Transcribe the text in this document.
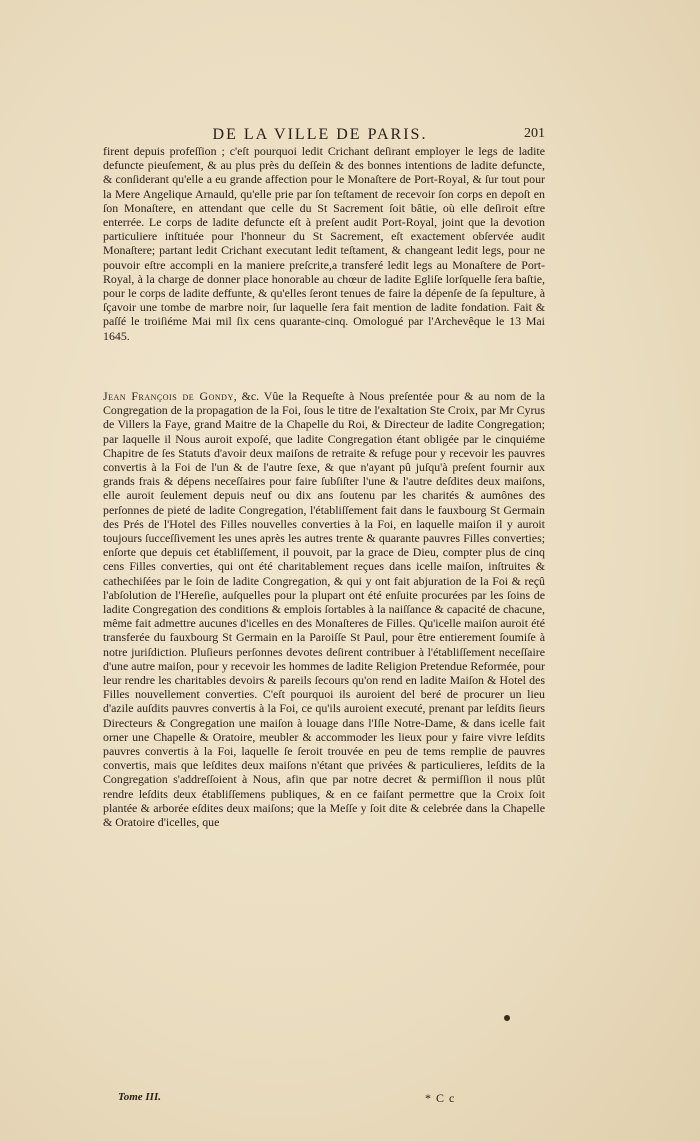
DE LA VILLE DE PARIS.	201
firent depuis profeſſion ; c'eſt pourquoi ledit Crichant deſirant employer le legs de ladite defuncte pieuſement, & au plus près du deſſein & des bonnes intentions de ladite defuncte, & conſiderant qu'elle a eu grande affection pour le Monaſtere de Port-Royal, & ſur tout pour la Mere Angelique Arnauld, qu'elle prie par ſon teſtament de recevoir ſon corps en depoſt en ſon Monaſtere, en attendant que celle du St Sacrement ſoit bâtie, où elle deſiroit eſtre enterrée. Le corps de ladite defuncte eſt à preſent audit Port-Royal, joint que la devotion particuliere inſtituée pour l'honneur du St Sacrement, eſt exactement obſervée audit Monaſtere; partant ledit Crichant executant ledit teſtament, & changeant ledit legs, pour ne pouvoir eſtre accompli en la maniere preſcrite,a transferé ledit legs au Monaſtere de Port-Royal, à la charge de donner place honorable au chœur de ladite Egliſe lorſquelle ſera baſtie, pour le corps de ladite deffunte, & qu'elles ſeront tenues de faire la dépenſe de ſa ſepulture, à ſçavoir une tombe de marbre noir, ſur laquelle ſera fait mention de ladite fondation. Fait & paſſé le troiſiéme Mai mil ſix cens quarante-cinq. Omologué par l'Archevêque le 13 Mai 1645.
Jean François de Gondy, &c. Vûe la Requeſte à Nous preſentée pour & au nom de la Congregation de la propagation de la Foi, ſous le titre de l'exaltation Ste Croix, par Mr Cyrus de Villers la Faye, grand Maitre de la Chapelle du Roi, & Directeur de ladite Congregation; par laquelle il Nous auroit expoſé, que ladite Congregation étant obligée par le cinquiéme Chapitre de ſes Statuts d'avoir deux maiſons de retraite & refuge pour y recevoir les pauvres convertis à la Foi de l'un & de l'autre ſexe, & que n'ayant pû juſqu'à preſent fournir aux grands frais & dépens neceſſaires pour faire ſubſiſter l'une & l'autre deſdites deux maiſons, elle auroit ſeulement depuis neuf ou dix ans ſoutenu par les charités & aumônes des perſonnes de pieté de ladite Congregation, l'établiſſement fait dans le fauxbourg St Germain des Prés de l'Hotel des Filles nouvelles converties à la Foi, en laquelle maiſon il y auroit toujours ſucceſſivement les unes après les autres trente & quarante pauvres Filles converties; enſorte que depuis cet établiſſement, il pouvoit, par la grace de Dieu, compter plus de cinq cens Filles converties, qui ont été charitablement reçues dans icelle maiſon, inſtruites & cathechiſées par le ſoin de ladite Congregation, & qui y ont fait abjuration de la Foi & reçû l'abſolution de l'Hereſie, auſquelles pour la plupart ont été enſuite procurées par les ſoins de ladite Congregation des conditions & emplois ſortables à la naiſſance & capacité de chacune, même fait admettre aucunes d'icelles en des Monaſteres de Filles. Qu'icelle maiſon auroit été transferée du fauxbourg St Germain en la Paroiſſe St Paul, pour être entierement ſoumiſe à notre juriſdiction. Pluſieurs perſonnes devotes deſirent contribuer à l'établiſſement neceſſaire d'une autre maiſon, pour y recevoir les hommes de ladite Religion Pretendue Reformée, pour leur rendre les charitables devoirs & pareils ſecours qu'on rend en ladite Maiſon & Hotel des Filles nouvellement converties. C'eſt pourquoi ils auroient del beré de procurer un lieu d'azile auſdits pauvres convertis à la Foi, ce qu'ils auroient executé, prenant par leſdits ſieurs Directeurs & Congregation une maiſon à louage dans l'Iſle Notre-Dame, & dans icelle fait orner une Chapelle & Oratoire, meubler & accommoder les lieux pour y faire vivre leſdits pauvres convertis à la Foi, laquelle ſe ſeroit trouvée en peu de tems remplie de pauvres convertis, mais que leſdites deux maiſons n'étant que privées & particulieres, leſdits de la Congregation s'addreſſoient à Nous, afin que par notre decret & permiſſion il nous plût rendre leſdits deux établiſſemens publiques, & en ce faiſant permettre que la Croix ſoit plantée & arborée eſdites deux maiſons; que la Meſſe y ſoit dite & celebrée dans la Chapelle & Oratoire d'icelles, que
Tome III.	* C c
